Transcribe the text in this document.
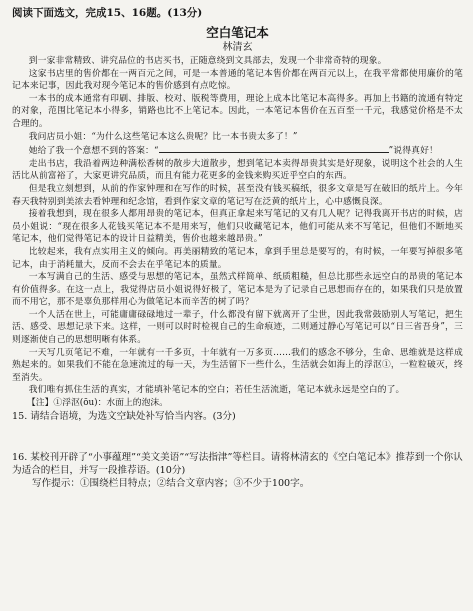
阅读下面选文，完成15、16题。(13分)
空白笔记本
林清玄
到一家非常精致、讲究品位的书店买书，正随意绕到文具部去，发现一个非常奇特的现象。
这家书店里的售价都在一两百元之间，可是一本普通的笔记本售价都在两百元以上，在我平常都使用廉价的笔记本来记事，因此我对现今笔记本的售价感到有点吃惊。
一本书的成本通常有印刷、排版、校对、版税等费用，理论上成本比笔记本高得多。再加上书籍的流通有特定的对象，范围比笔记本小得多，销路也比不上笔记本。因此，一本笔记本售价在五百至一千元，我感觉价格是不太合理的。
我问店员小姐：“为什么这些笔记本这么贵呢？比一本书贵太多了！”
她给了我一个意想不到的答案：“	”说得真好！
走出书店，我沿着两边种满松香树的散步大道散步，想到笔记本卖得昂贵其实是好现象，说明这个社会的人生活比从前富裕了，大家更讲究品质，而且有能力花更多的金钱来购买近乎空白的东西。
但是我立刻想到，从前的作家钟理和在写作的时候，甚至没有钱买稿纸，很多文章是写在破旧的纸片上。今年春天我特别到美浓去看钟理和纪念馆，看到作家文章的笔记写在泛黄的纸片上，心中感慨良深。
接着我想到，现在很多人都用昂贵的笔记本，但真正拿起来写笔记的又有几人呢？记得我离开书店的时候，店员小姐说：“现在很多人花钱买笔记本不是用来写，他们只收藏笔记本，他们可能从来不写笔记，但他们不断地买笔记本，他们觉得笔记本的设计日益精美，售价也越来越昂贵。”
比较起来，我有点实用主义的倾向。再美丽精致的笔记本，拿到手里总是要写的，有时候，一年要写掉很多笔记本，由于消耗量大，反而不会去在乎笔记本的质量。
一本写满自己的生活、感受与思想的笔记本，虽然式样简单、纸质粗糙，但总比那些永远空白的昂贵的笔记本有价值得多。在这一点上，我觉得店员小姐说得好极了，笔记本是为了记录自己思想而存在的，如果我们只是放置而不用它，那不是辜负那样用心为做笔记本而辛苦的树了吗？
一个人活在世上，可能庸庸碌碌地过一辈子，什么都没有留下就离开了尘世，因此我常鼓励别人写笔记，把生活、感受、思想记录下来。这样，一则可以时时检视自己的生命痕迹，二则通过静心写笔记可以“日三省吾身”，三则逐渐使自己的思想明晰有体系。
一天写几页笔记不难，一年就有一千多页，十年就有一万多页……我们的感念不够分，生命、思维就是这样成熟起来的。如果我们不能在急速流过的每一天，为生活留下一些什么，生活就会如海上的浮沤①，一粒粒破灭，终至消失。
我们唯有抓住生活的真实，才能填补笔记本的空白；若任生活流逝，笔记本就永远是空白的了。
【注】①浮沤(ōu)：水面上的泡沫。
15. 请结合语境，为选文空缺处补写恰当内容。(3分)
16. 某校刊开辟了“小事蕴理”“美文美语”“写法指津”等栏目。请将林清玄的《空白笔记本》推荐到一个你认为适合的栏目，并写一段推荐语。(10分)
写作提示：①围绕栏目特点；②结合文章内容；③不少于100字。
